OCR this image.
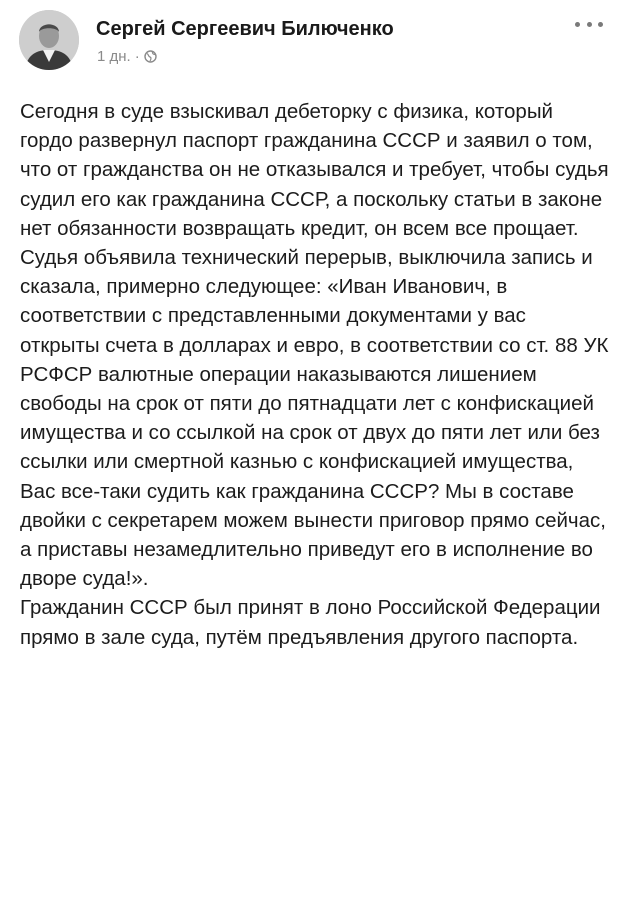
Сергей Сергеевич Билюченко
1 дн. ·

Сегодня в суде взыскивал дебеторку с физика, который гордо развернул паспорт гражданина СССР и заявил о том, что от гражданства он не отказывался и требует, чтобы судья судил его как гражданина СССР, а поскольку статьи в законе нет обязанности возвращать кредит, он всем все прощает.

Судья объявила технический перерыв, выключила запись и сказала, примерно следующее: «Иван Иванович, в соответствии с представленными документами у вас открыты счета в долларах и евро, в соответствии со ст. 88 УК РСФСР валютные операции наказываются лишением свободы на срок от пяти до пятнадцати лет с конфискацией имущества и со ссылкой на срок от двух до пяти лет или без ссылки или смертной казнью с конфискацией имущества, Вас все-таки судить как гражданина СССР? Мы в составе двойки с секретарем можем вынести приговор прямо сейчас, а приставы незамедлительно приведут его в исполнение во дворе суда!».

Гражданин СССР был принят в лоно Российской Федерации прямо в зале суда, путём предъявления другого паспорта.
